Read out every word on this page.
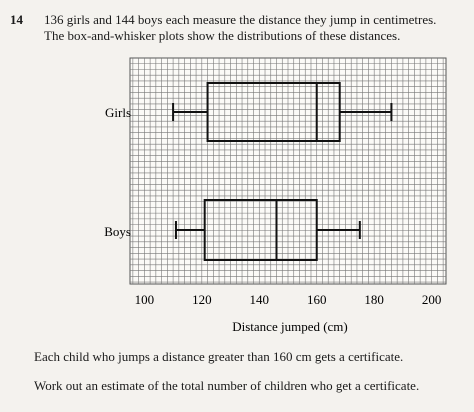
14 136 girls and 144 boys each measure the distance they jump in centimetres.
The box-and-whisker plots show the distributions of these distances.
Girls
Boys
100	120	140	160	180	200
Distance jumped (cm)
Each child who jumps a distance greater than 160 cm gets a certificate.
Work out an estimate of the total number of children who get a certificate.
